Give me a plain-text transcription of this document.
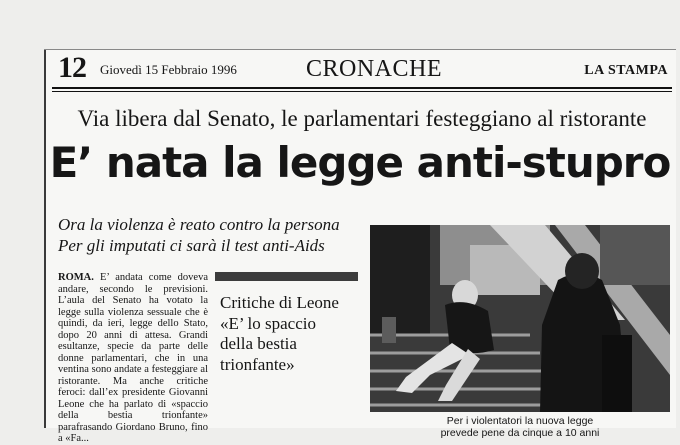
12 Giovedì 15 Febbraio 1996	CRONACHE	LA STAMPA
Via libera dal Senato, le parlamentari festeggiano al ristorante
E’ nata la legge anti-stupro
Ora la violenza è reato contro la persona
Per gli imputati ci sarà il test anti-Aids

ROMA. E’ andata come doveva andare, secondo le previsioni. L’aula del Senato ha votato la legge sulla violenza sessuale che è quindi, da ieri, legge dello Stato, dopo 20 anni di attesa. Grandi esultanze, specie da parte delle donne parlamentari, che in una ventina sono andate a festeggiare al ristorante. Ma anche critiche feroci: dall’ex presidente Giovanni Leone che ha parlato di «spaccio della bestia trionfante» parafrasando Giordano Bruno, fino a «Fa...

Critiche di Leone
«E’ lo spaccio
della bestia
trionfante»
Per i violentatori la nuova legge
prevede pene da cinque a 10 anni
